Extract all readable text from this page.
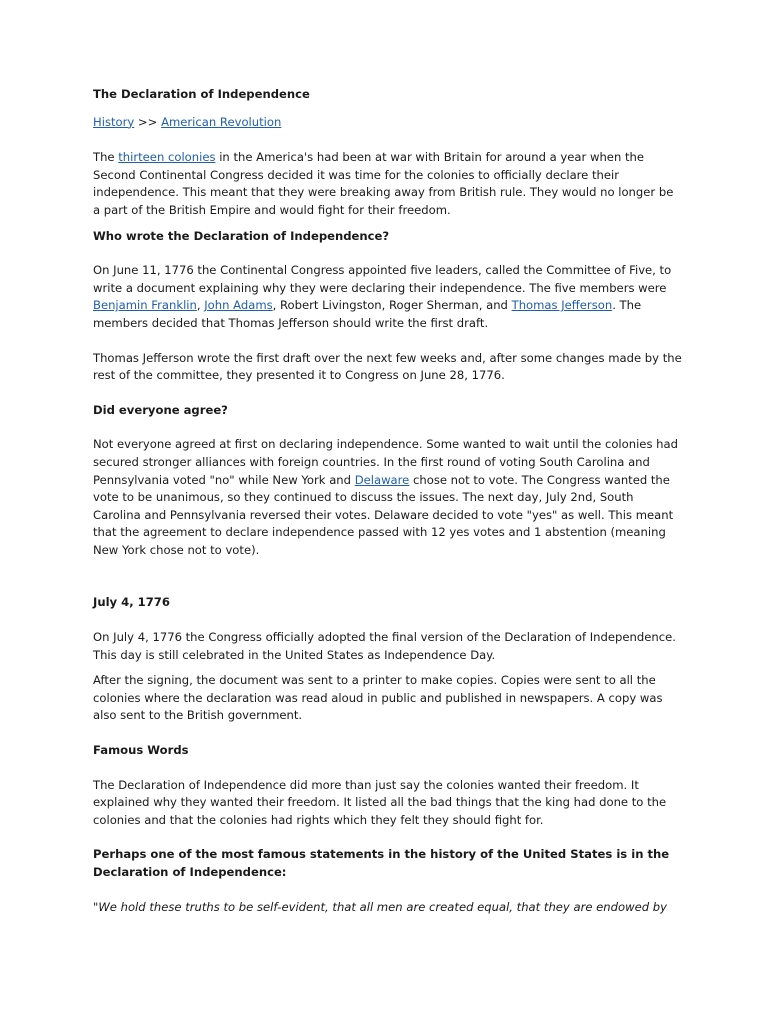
The Declaration of Independence

History >> American Revolution

The thirteen colonies in the America's had been at war with Britain for around a year when the Second Continental Congress decided it was time for the colonies to officially declare their independence. This meant that they were breaking away from British rule. They would no longer be a part of the British Empire and would fight for their freedom.

Who wrote the Declaration of Independence?

On June 11, 1776 the Continental Congress appointed five leaders, called the Committee of Five, to write a document explaining why they were declaring their independence. The five members were Benjamin Franklin, John Adams, Robert Livingston, Roger Sherman, and Thomas Jefferson. The members decided that Thomas Jefferson should write the first draft.

Thomas Jefferson wrote the first draft over the next few weeks and, after some changes made by the rest of the committee, they presented it to Congress on June 28, 1776.

Did everyone agree?

Not everyone agreed at first on declaring independence. Some wanted to wait until the colonies had secured stronger alliances with foreign countries. In the first round of voting South Carolina and Pennsylvania voted "no" while New York and Delaware chose not to vote. The Congress wanted the vote to be unanimous, so they continued to discuss the issues. The next day, July 2nd, South Carolina and Pennsylvania reversed their votes. Delaware decided to vote "yes" as well. This meant that the agreement to declare independence passed with 12 yes votes and 1 abstention (meaning New York chose not to vote).

July 4, 1776

On July 4, 1776 the Congress officially adopted the final version of the Declaration of Independence. This day is still celebrated in the United States as Independence Day.

After the signing, the document was sent to a printer to make copies. Copies were sent to all the colonies where the declaration was read aloud in public and published in newspapers. A copy was also sent to the British government.

Famous Words

The Declaration of Independence did more than just say the colonies wanted their freedom. It explained why they wanted their freedom. It listed all the bad things that the king had done to the colonies and that the colonies had rights which they felt they should fight for.

Perhaps one of the most famous statements in the history of the United States is in the Declaration of Independence:

"We hold these truths to be self-evident, that all men are created equal, that they are endowed by
